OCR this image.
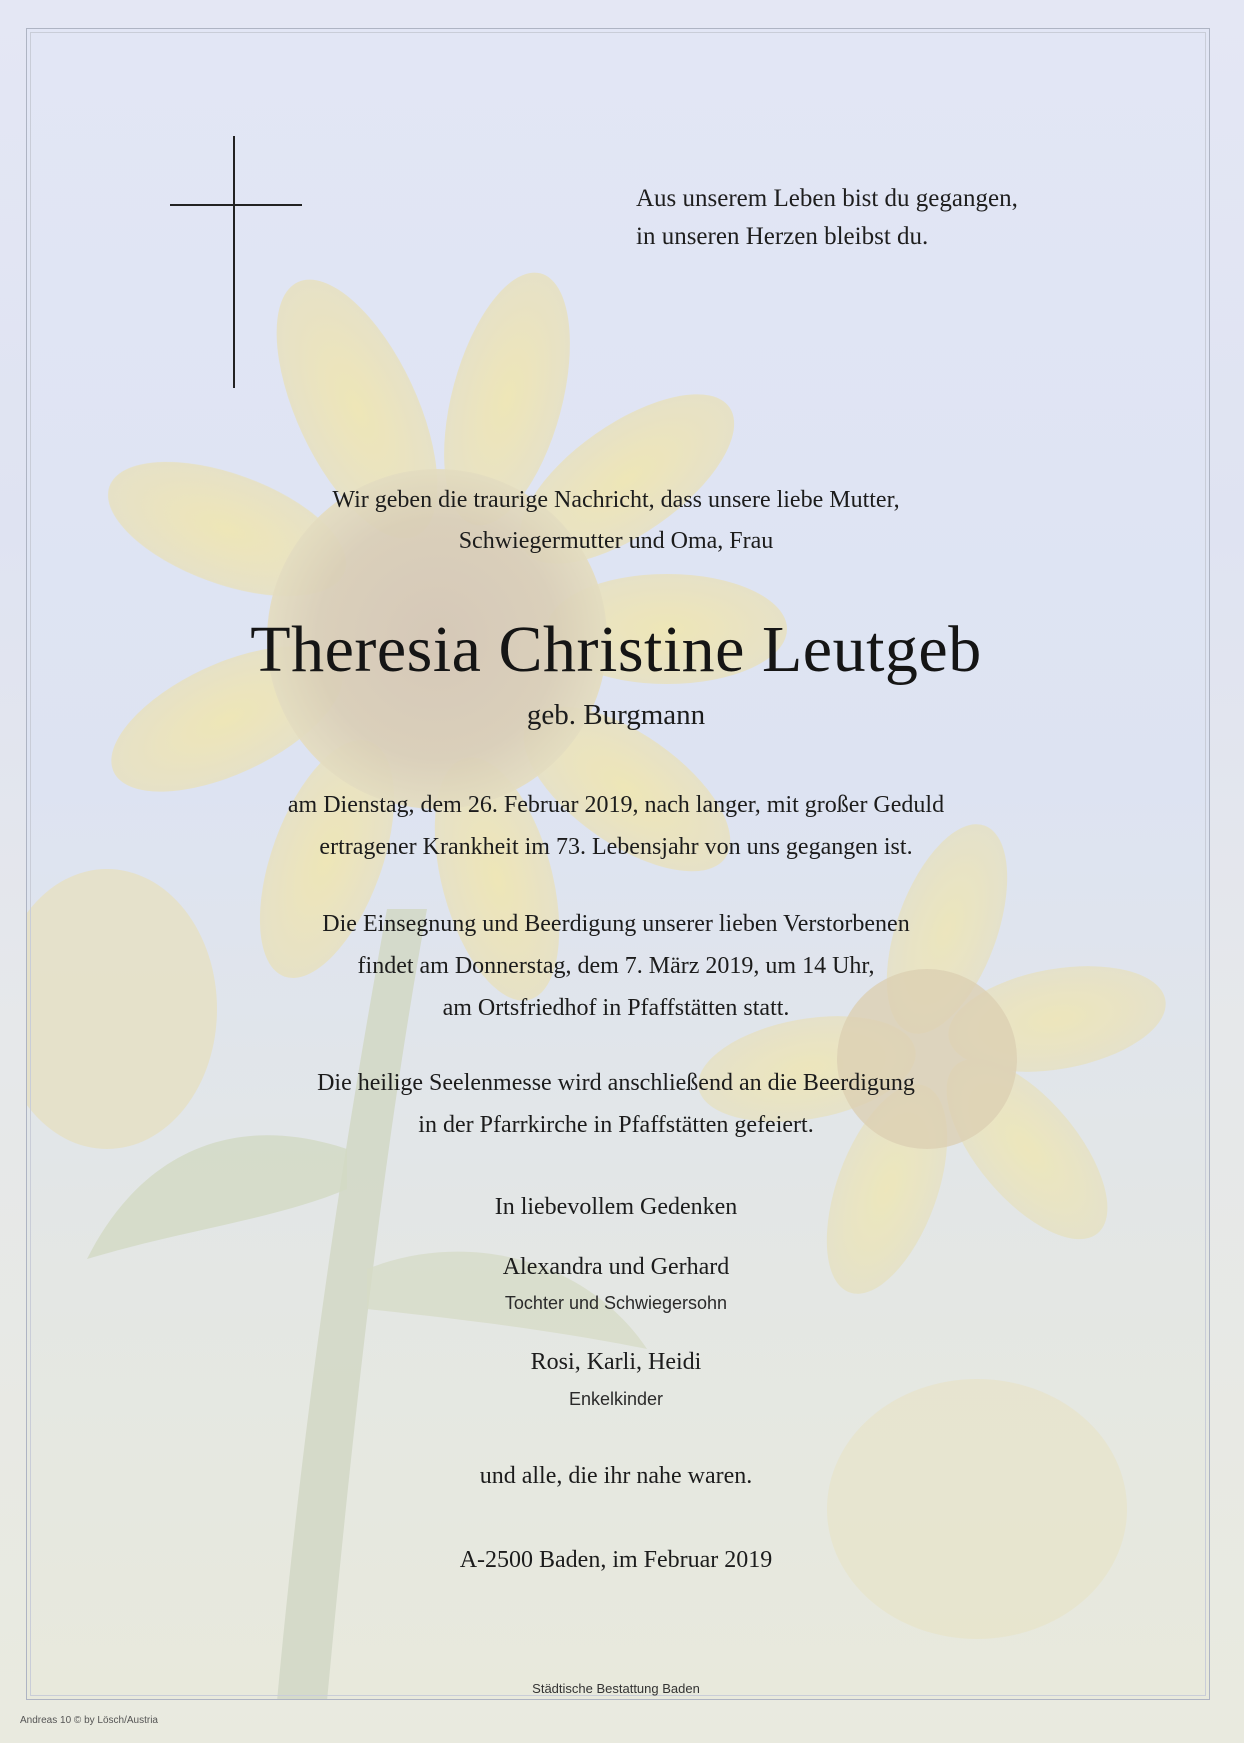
Aus unserem Leben bist du gegangen,
in unseren Herzen bleibst du.
Wir geben die traurige Nachricht, dass unsere liebe Mutter,
Schwiegermutter und Oma, Frau
Theresia Christine Leutgeb
geb. Burgmann
am Dienstag, dem 26. Februar 2019, nach langer, mit großer Geduld
ertragener Krankheit im 73. Lebensjahr von uns gegangen ist.
Die Einsegnung und Beerdigung unserer lieben Verstorbenen
findet am Donnerstag, dem 7. März 2019, um 14 Uhr,
am Ortsfriedhof in Pfaffstätten statt.
Die heilige Seelenmesse wird anschließend an die Beerdigung
in der Pfarrkirche in Pfaffstätten gefeiert.
In liebevollem Gedenken
Alexandra und Gerhard
Tochter und Schwiegersohn
Rosi, Karli, Heidi
Enkelkinder
und alle, die ihr nahe waren.
A-2500 Baden, im Februar 2019
Städtische Bestattung Baden
Andreas 10 © by Lösch/Austria
